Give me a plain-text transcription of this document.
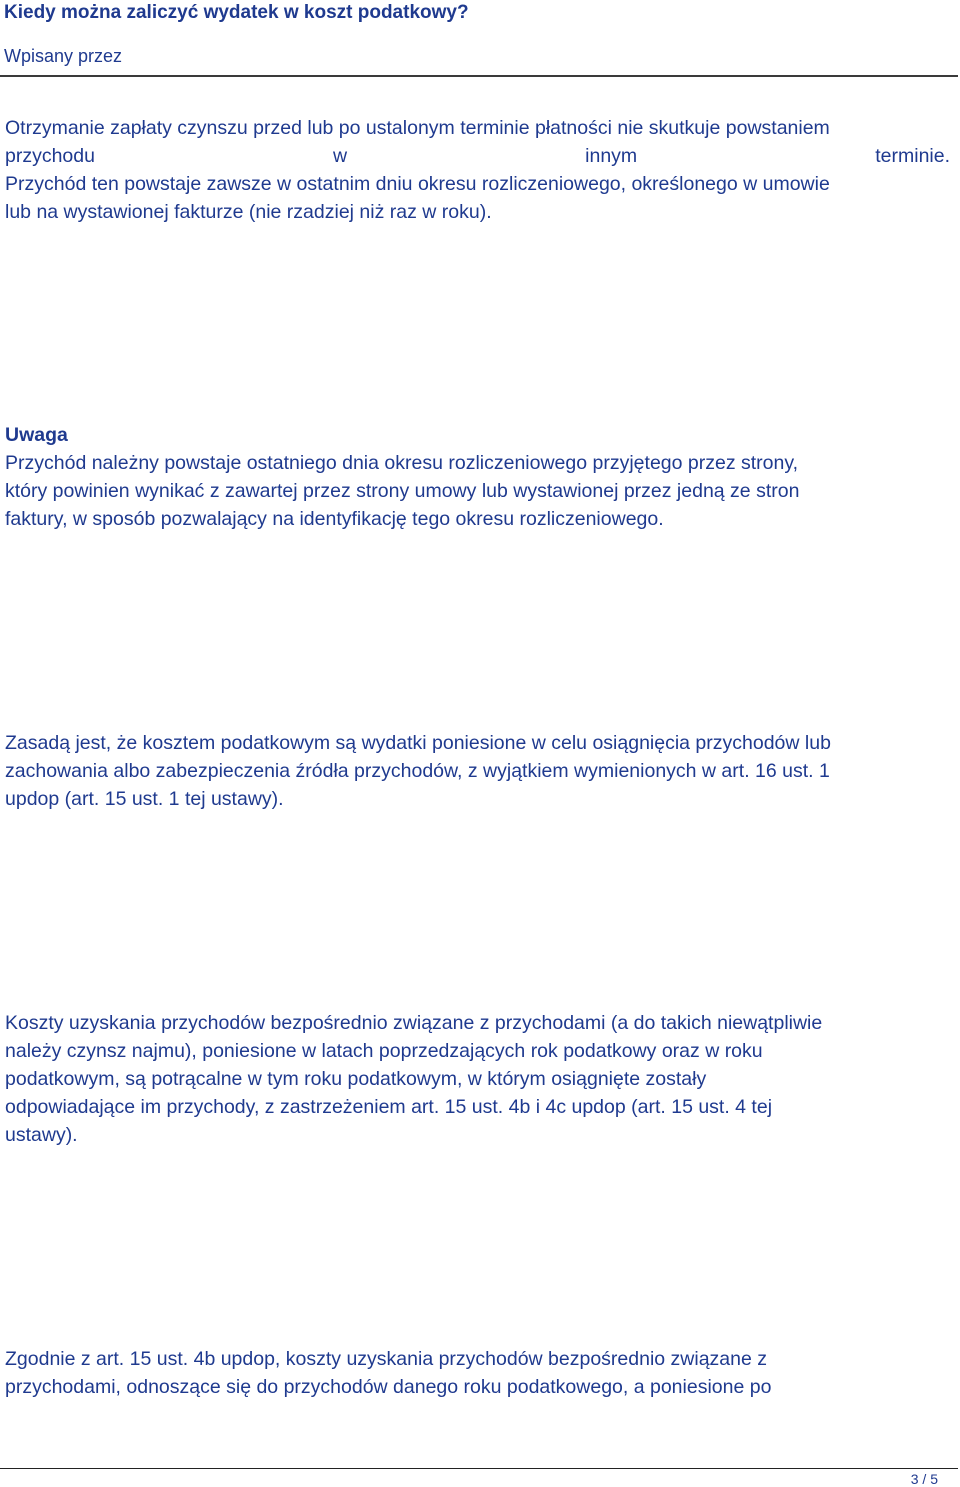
Kiedy można zaliczyć wydatek w koszt podatkowy?
Wpisany przez

Otrzymanie zapłaty czynszu przed lub po ustalonym terminie płatności nie skutkuje powstaniem
przychodu w innym	terminie.
Przychód ten powstaje zawsze w ostatnim dniu okresu rozliczeniowego, określonego w umowie
lub na wystawionej fakturze (nie rzadziej niż raz w roku).

Uwaga
Przychód należny powstaje ostatniego dnia okresu rozliczeniowego przyjętego przez strony,
który powinien wynikać z zawartej przez strony umowy lub wystawionej przez jedną ze stron
faktury, w sposób pozwalający na identyfikację tego okresu rozliczeniowego.

Zasadą jest, że kosztem podatkowym są wydatki poniesione w celu osiągnięcia przychodów lub
zachowania albo zabezpieczenia źródła przychodów, z wyjątkiem wymienionych w art. 16 ust. 1
updop (art. 15 ust. 1 tej ustawy).

Koszty uzyskania przychodów bezpośrednio związane z przychodami (a do takich niewątpliwie
należy czynsz najmu), poniesione w latach poprzedzających rok podatkowy oraz w roku
podatkowym, są potrącalne w tym roku podatkowym, w którym osiągnięte zostały
odpowiadające im przychody, z zastrzeżeniem art. 15 ust. 4b i 4c updop (art. 15 ust. 4 tej
ustawy).

Zgodnie z art. 15 ust. 4b updop, koszty uzyskania przychodów bezpośrednio związane z
przychodami, odnoszące się do przychodów danego roku podatkowego, a poniesione po

3 / 5
